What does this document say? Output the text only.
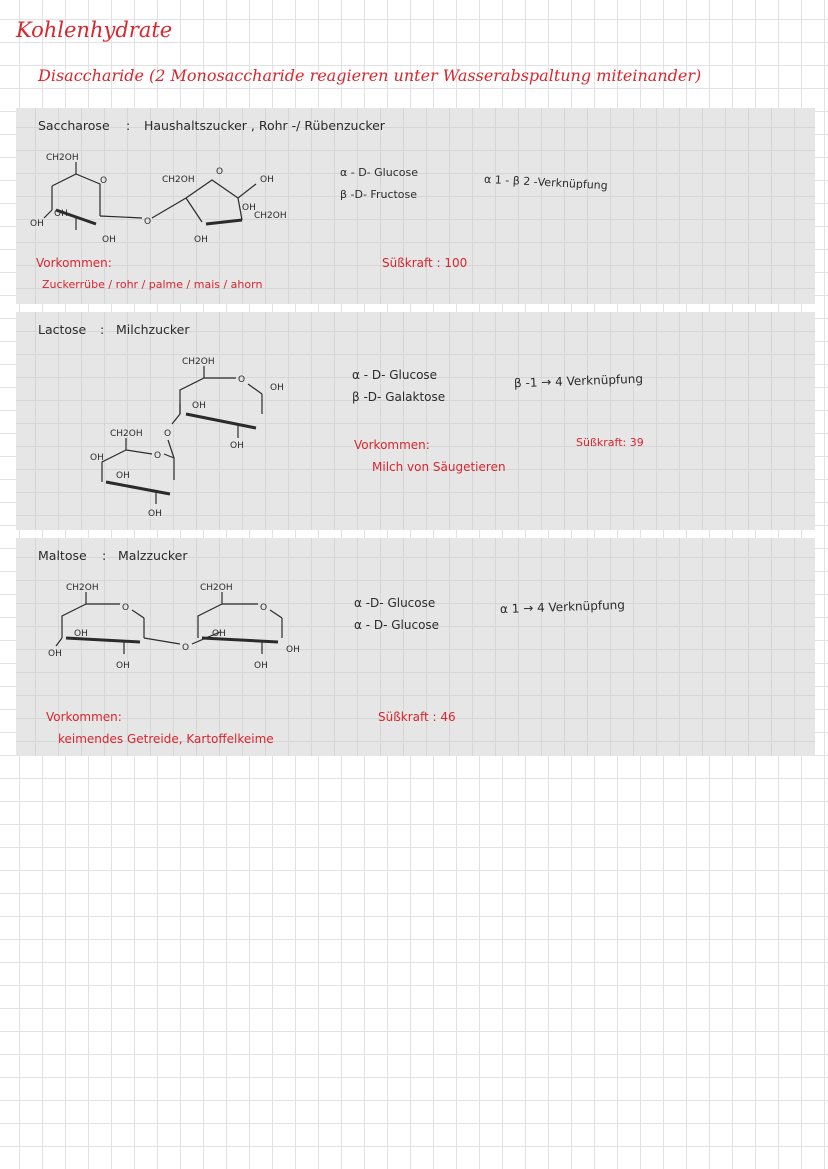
Kohlenhydrate
Disaccharide (2 Monosaccharide reagieren unter Wasserabspaltung miteinander)
Saccharose : Haushaltszucker , Rohr -/ Rübenzucker
O
CH2OH
OH
OH
OH
O
O
CH2OH	OH
OH
CH2OH
OH
α - D- Glucose
β -D- Fructose
α 1 - β 2 -Verknüpfung
Vorkommen:
Zuckerrübe / rohr / palme / mais / ahorn
Süßkraft : 100
Lactose : Milchzucker
CH2OH
O
OH
OH
OH
O
CH2OH
O
OH
OH
OH
α - D- Glucose
β -D- Galaktose
β -1 → 4 Verknüpfung
Vorkommen:
Milch von Säugetieren
Süßkraft: 39
Maltose : Malzzucker
CH2OH
O
OH
OH
OH
O
CH2OH
O
OH
OH
OH
α -D- Glucose
α - D- Glucose
α 1 → 4 Verknüpfung
Vorkommen:
keimendes Getreide, Kartoffelkeime
Süßkraft : 46
